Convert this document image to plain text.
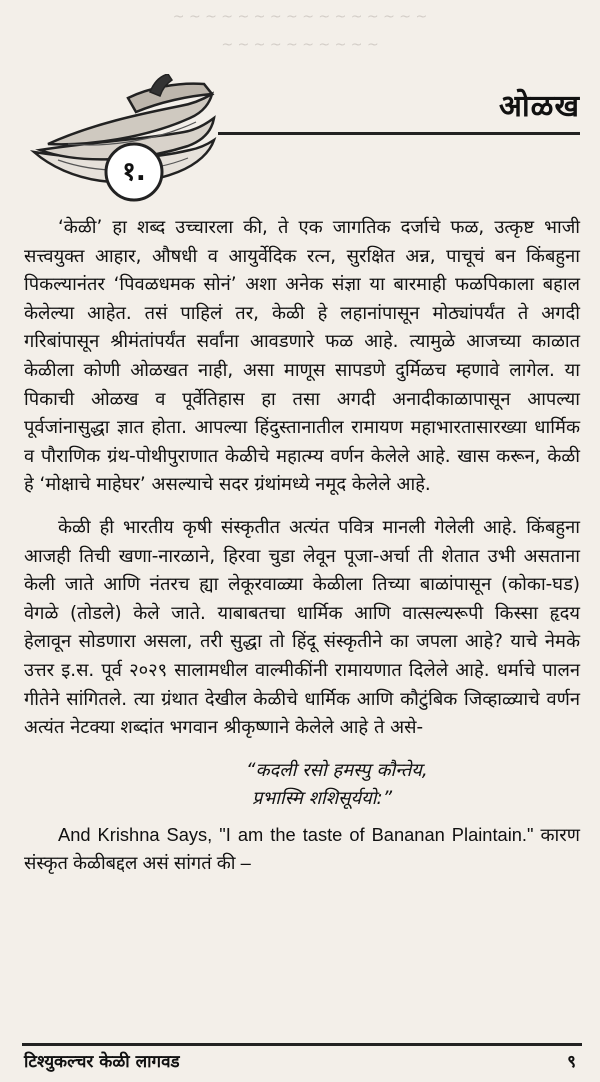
~ ~ ~ ~ ~ ~ ~ ~ ~ ~ ~ ~ ~ ~ ~ ~
~ ~ ~ ~ ~ ~ ~ ~ ~ ~
१.
ओळख

‘केळी’ हा शब्द उच्चारला की, ते एक जागतिक दर्जाचे फळ, उत्कृष्ट भाजी सत्त्वयुक्त आहार, औषधी व आयुर्वेदिक रत्न, सुरक्षित अन्न, पाचूचं बन किंबहुना पिकल्यानंतर ‘पिवळधमक सोनं’ अशा अनेक संज्ञा या बारमाही फळपिकाला बहाल केलेल्या आहेत. तसं पाहिलं तर, केळी हे लहानांपासून मोठ्यांपर्यंत ते अगदी गरिबांपासून श्रीमंतांपर्यंत सर्वांना आवडणारे फळ आहे. त्यामुळे आजच्या काळात केळीला कोणी ओळखत नाही, असा माणूस सापडणे दुर्मिळच म्हणावे लागेल. या पिकाची ओळख व पूर्वेतिहास हा तसा अगदी अनादीकाळापासून आपल्या पूर्वजांनासुद्धा ज्ञात होता. आपल्या हिंदुस्तानातील रामायण महाभारतासारख्या धार्मिक व पौराणिक ग्रंथ-पोथीपुराणात केळीचे महात्म्य वर्णन केलेले आहे. खास करून, केळी हे ‘मोक्षाचे माहेघर’ असल्याचे सदर ग्रंथांमध्ये नमूद केलेले आहे.

केळी ही भारतीय कृषी संस्कृतीत अत्यंत पवित्र मानली गेलेली आहे. किंबहुना आजही तिची खणा-नारळाने, हिरवा चुडा लेवून पूजा-अर्चा ती शेतात उभी असताना केली जाते आणि नंतरच ह्या लेकूरवाळ्या केळीला तिच्या बाळांपासून (कोका-घड) वेगळे (तोडले) केले जाते. याबाबतचा धार्मिक आणि वात्सल्यरूपी किस्सा हृदय हेलावून सोडणारा असला, तरी सुद्धा तो हिंदू संस्कृतीने का जपला आहे? याचे नेमके उत्तर इ.स. पूर्व २०२९ सालामधील वाल्मीकींनी रामायणात दिलेले आहे. धर्माचे पालन गीतेने सांगितले. त्या ग्रंथात देखील केळीचे धार्मिक आणि कौटुंबिक जिव्हाळ्याचे वर्णन अत्यंत नेटक्या शब्दांत भगवान श्रीकृष्णाने केलेले आहे ते असे-

“कदली रसो हमस्पु कौन्तेय,
प्रभास्मि शशिसूर्ययो:”

And Krishna Says, "I am the taste of Bananan Plaintain." कारण संस्कृत केळीबद्दल असं सांगतं की –

टिश्युकल्चर केळी लागवड	९
